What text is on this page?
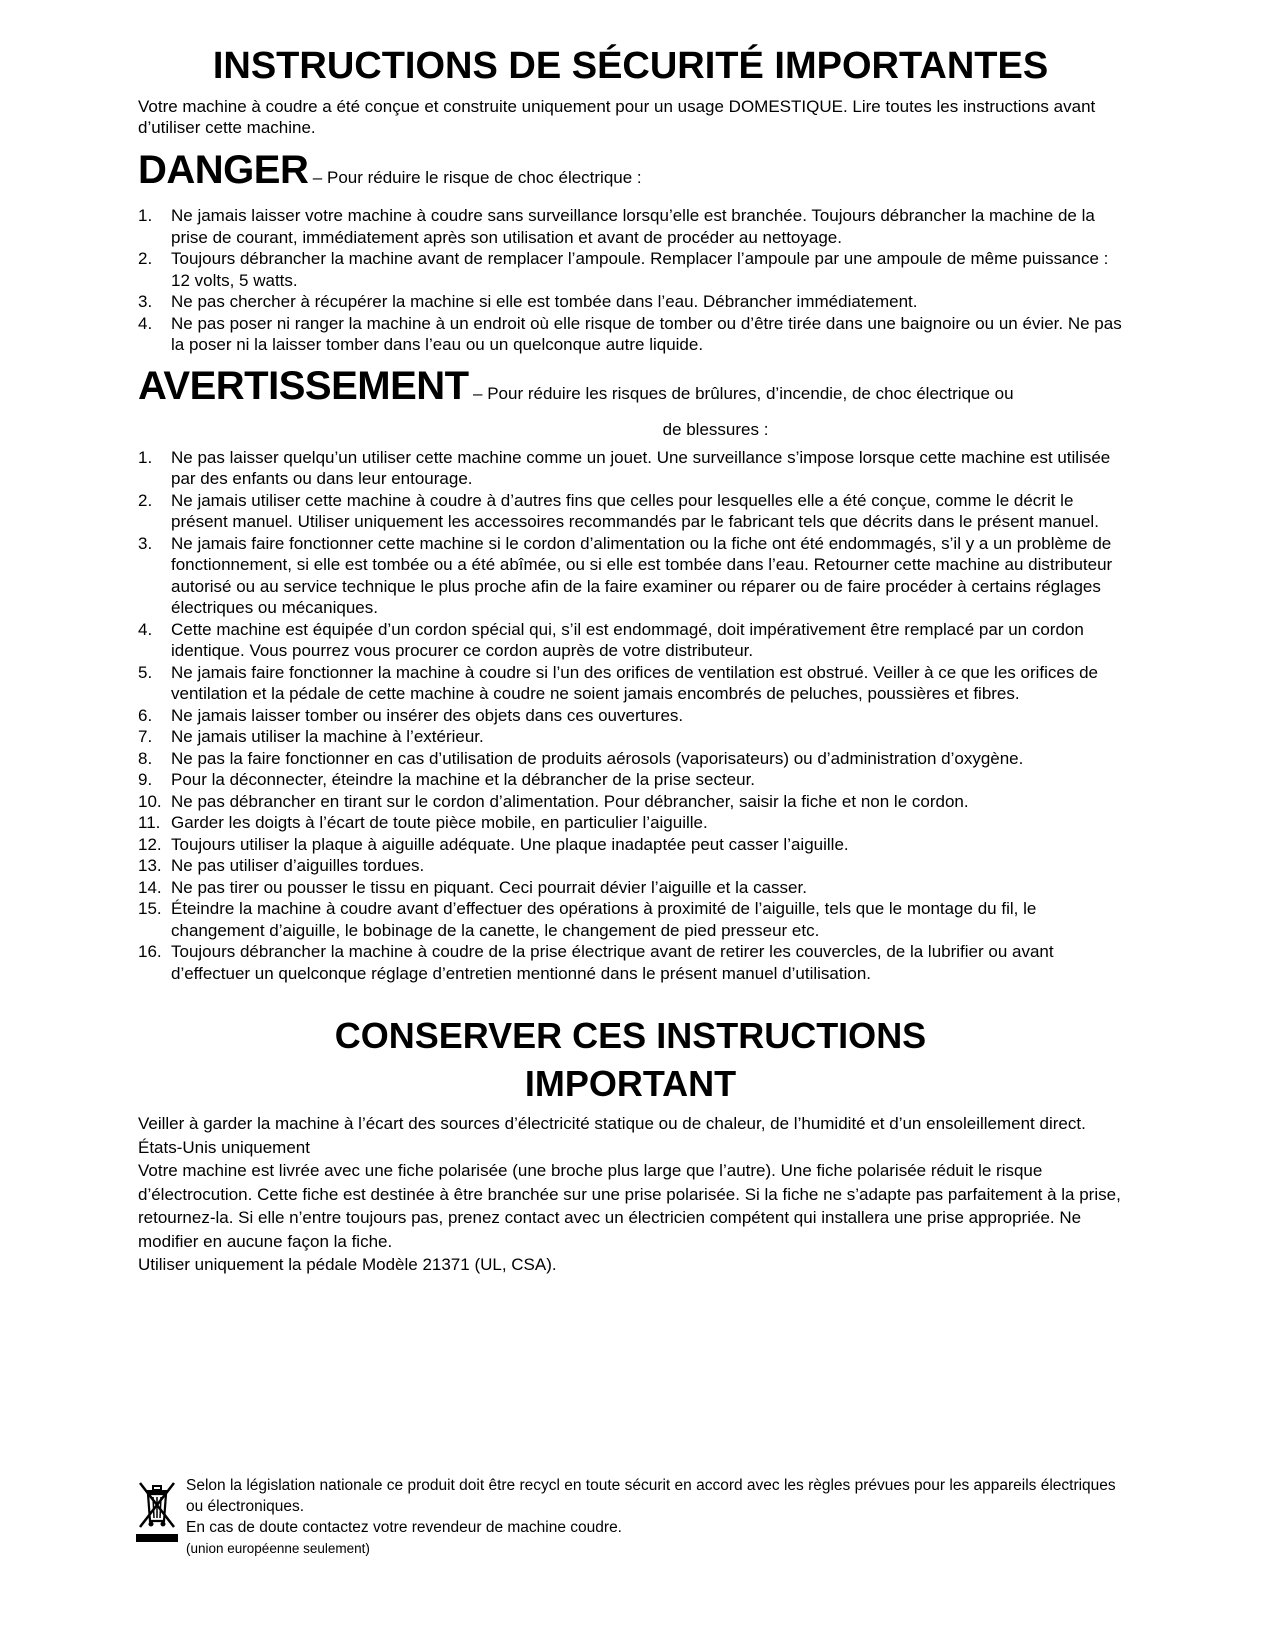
INSTRUCTIONS DE SÉCURITÉ IMPORTANTES

Votre machine à coudre a été conçue et construite uniquement pour un usage DOMESTIQUE. Lire toutes les instructions avant d’utiliser cette machine.

DANGER – Pour réduire le risque de choc électrique :
1. Ne jamais laisser votre machine à coudre sans surveillance lorsqu’elle est branchée. Toujours débrancher la machine de la prise de courant, immédiatement après son utilisation et avant de procéder au nettoyage.
2. Toujours débrancher la machine avant de remplacer l’ampoule. Remplacer l’ampoule par une ampoule de même puissance : 12 volts, 5 watts.
3. Ne pas chercher à récupérer la machine si elle est tombée dans l’eau. Débrancher immédiatement.
4. Ne pas poser ni ranger la machine à un endroit où elle risque de tomber ou d’être tirée dans une baignoire ou un évier. Ne pas la poser ni la laisser tomber dans l’eau ou un quelconque autre liquide.
AVERTISSEMENT – Pour réduire les risques de brûlures, d’incendie, de choc électrique ou
de blessures :
1. Ne pas laisser quelqu’un utiliser cette machine comme un jouet. Une surveillance s’impose lorsque cette machine est utilisée par des enfants ou dans leur entourage.
2. Ne jamais utiliser cette machine à coudre à d’autres fins que celles pour lesquelles elle a été conçue, comme le décrit le présent manuel. Utiliser uniquement les accessoires recommandés par le fabricant tels que décrits dans le présent manuel.
3. Ne jamais faire fonctionner cette machine si le cordon d’alimentation ou la fiche ont été endommagés, s’il y a un problème de fonctionnement, si elle est tombée ou a été abîmée, ou si elle est tombée dans l’eau. Retourner cette machine au distributeur autorisé ou au service technique le plus proche afin de la faire examiner ou réparer ou de faire procéder à certains réglages électriques ou mécaniques.
4. Cette machine est équipée d’un cordon spécial qui, s’il est endommagé, doit impérativement être remplacé par un cordon identique. Vous pourrez vous procurer ce cordon auprès de votre distributeur.
5. Ne jamais faire fonctionner la machine à coudre si l’un des orifices de ventilation est obstrué. Veiller à ce que les orifices de ventilation et la pédale de cette machine à coudre ne soient jamais encombrés de peluches, poussières et fibres.
6. Ne jamais laisser tomber ou insérer des objets dans ces ouvertures.
7. Ne jamais utiliser la machine à l’extérieur.
8. Ne pas la faire fonctionner en cas d’utilisation de produits aérosols (vaporisateurs) ou d’administration d’oxygène.
9. Pour la déconnecter, éteindre la machine et la débrancher de la prise secteur.
10. Ne pas débrancher en tirant sur le cordon d’alimentation. Pour débrancher, saisir la fiche et non le cordon.
11. Garder les doigts à l’écart de toute pièce mobile, en particulier l’aiguille.
12. Toujours utiliser la plaque à aiguille adéquate. Une plaque inadaptée peut casser l’aiguille.
13. Ne pas utiliser d’aiguilles tordues.
14. Ne pas tirer ou pousser le tissu en piquant. Ceci pourrait dévier l’aiguille et la casser.
15. Éteindre la machine à coudre avant d’effectuer des opérations à proximité de l’aiguille, tels que le montage du fil, le changement d’aiguille, le bobinage de la canette, le changement de pied presseur etc.
16. Toujours débrancher la machine à coudre de la prise électrique avant de retirer les couvercles, de la lubrifier ou avant d’effectuer un quelconque réglage d’entretien mentionné dans le présent manuel d’utilisation.
CONSERVER CES INSTRUCTIONS
IMPORTANT

Veiller à garder la machine à l’écart des sources d’électricité statique ou de chaleur, de l’humidité et d’un ensoleillement direct.

États-Unis uniquement

Votre machine est livrée avec une fiche polarisée (une broche plus large que l’autre). Une fiche polarisée réduit le risque d’électrocution. Cette fiche est destinée à être branchée sur une prise polarisée. Si la fiche ne s’adapte pas parfaitement à la prise, retournez-la. Si elle n’entre toujours pas, prenez contact avec un électricien compétent qui installera une prise appropriée. Ne modifier en aucune façon la fiche.

Utiliser uniquement la pédale Modèle 21371 (UL, CSA).

Selon la législation nationale ce produit doit être recycl en toute sécurit en accord avec les règles prévues pour les appareils électriques ou électroniques.

En cas de doute contactez votre revendeur de machine coudre.

(union européenne seulement)
